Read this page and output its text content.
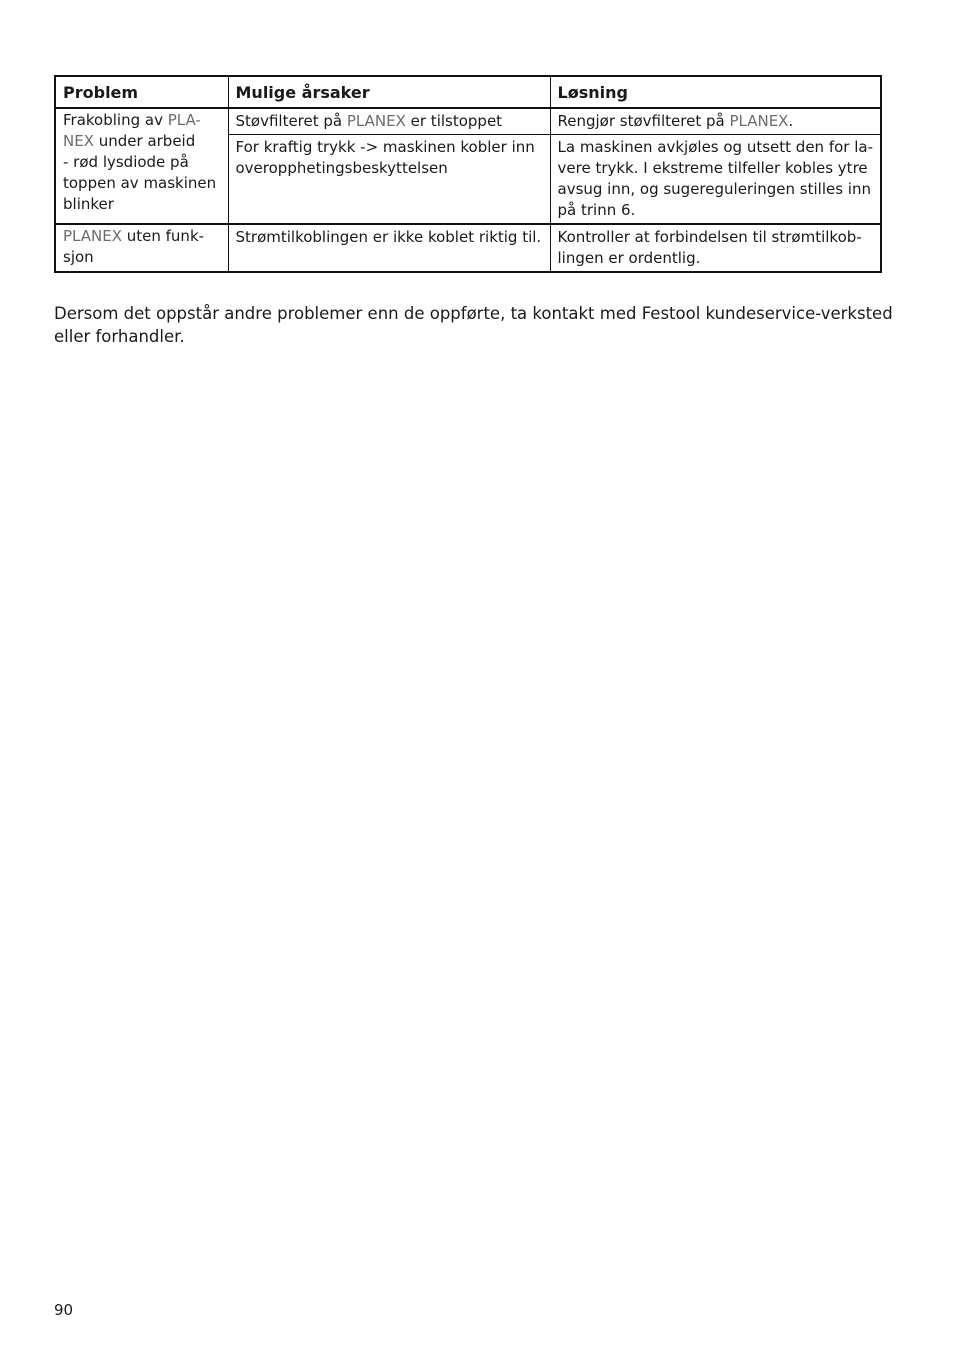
Problem	Mulige årsaker	Løsning
Frakobling av PLA-
NEX under arbeid
- rød lysdiode på
toppen av maskinen
blinker	Støvfilteret på PLANEX er tilstoppet	Rengjør støvfilteret på PLANEX.
	For kraftig trykk -> maskinen kobler inn overopphetingsbeskyttelsen	La maskinen avkjøles og utsett den for la-vere trykk. I ekstreme tilfeller kobles ytre avsug inn, og sugereguleringen stilles inn på trinn 6.
PLANEX uten funk-sjon	Strømtilkoblingen er ikke koblet riktig til.	Kontroller at forbindelsen til strømtilkob-lingen er ordentlig.

Dersom det oppstår andre problemer enn de oppførte, ta kontakt med Festool kundeservice-verksted eller forhandler.

90
